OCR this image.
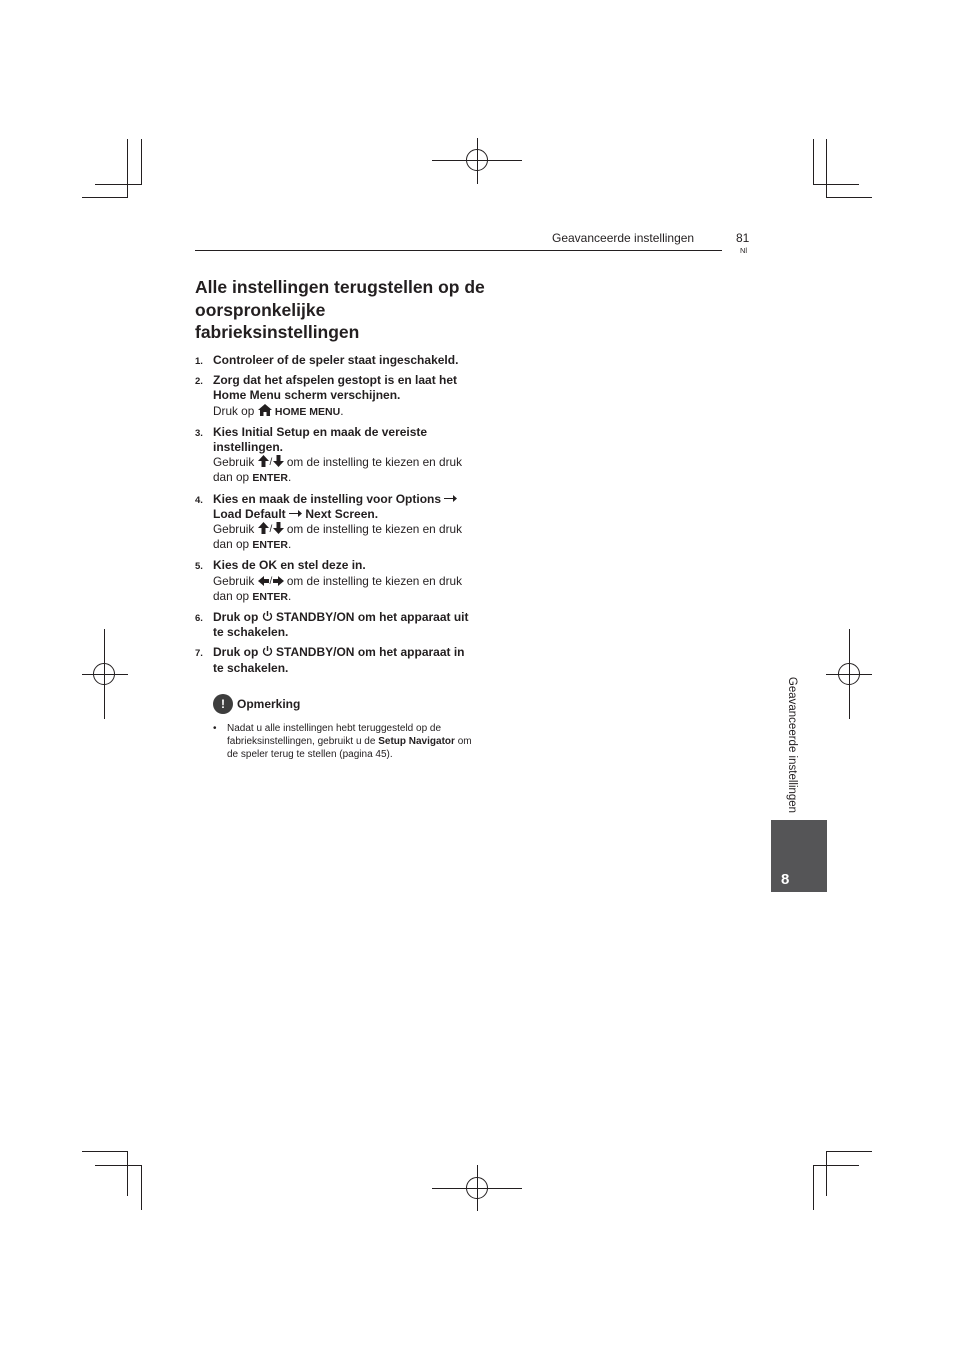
Geavanceerde instellingen	81
Nl
Alle instellingen terugstellen op de oorspronkelijke fabrieksinstellingen
1. Controleer of de speler staat ingeschakeld.
2. Zorg dat het afspelen gestopt is en laat het Home Menu scherm verschijnen.
Druk op HOME MENU.
3. Kies Initial Setup en maak de vereiste instellingen.
Gebruik / om de instelling te kiezen en druk dan op ENTER.
4. Kies en maak de instelling voor Options  Load Default Next Screen.
Gebruik / om de instelling te kiezen en druk dan op ENTER.
5. Kies de OK en stel deze in.
Gebruik / om de instelling te kiezen en druk dan op ENTER.
6. Druk op STANDBY/ON om het apparaat uit te schakelen.
7. Druk op STANDBY/ON om het apparaat in te schakelen.
!	Opmerking
• Nadat u alle instellingen hebt teruggesteld op de fabrieksinstellingen, gebruikt u de Setup Navigator om de speler terug te stellen (pagina 45).	Geavanceerde instellingen
8
